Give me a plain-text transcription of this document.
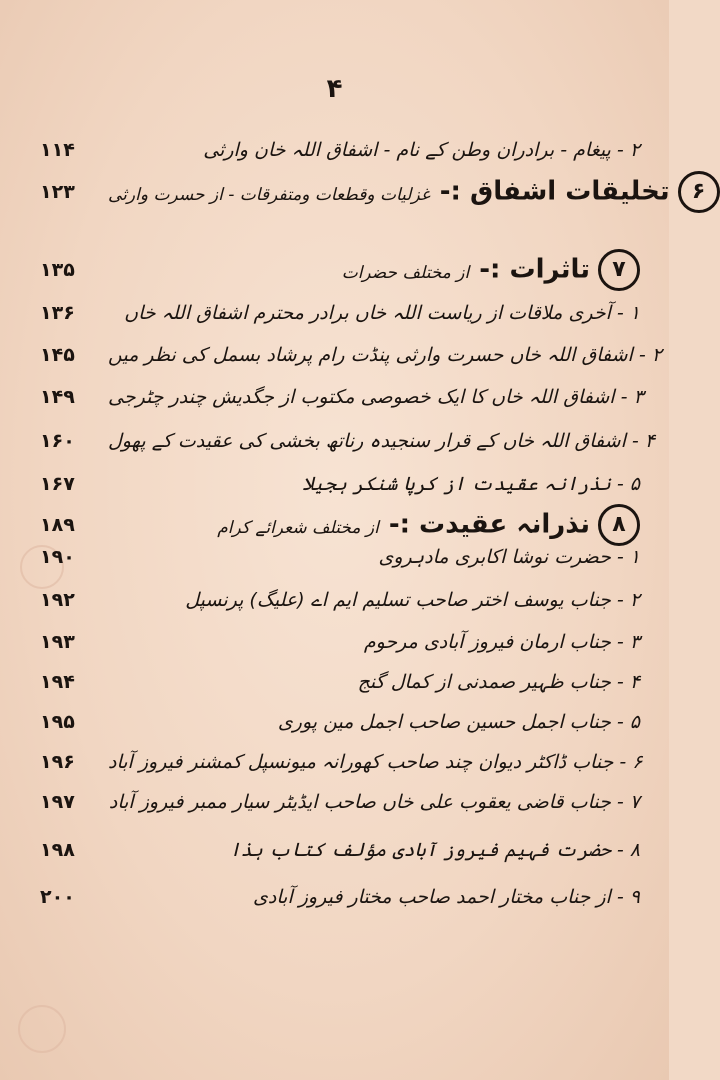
۴
۱۱۴	۲ - پیغام - برادران وطن کے نام - اشفاق اللہ خان وارثی
۱۲۳	۶تخلیقات اشفاق :-غزلیات وقطعات ومتفرقات - از حسرت وارثی
۱۳۵	۷تاثرات :-از مختلف حضرات
۱۳۶	۱ - آخری ملاقات از ریاست اللہ خاں برادر محترم اشفاق اللہ خاں
۱۴۵	۲ - اشفاق اللہ خاں حسرت وارثی پنڈت رام پرشاد بسمل کی نظر میں
۱۴۹	۳ - اشفاق اللہ خاں کا ایک خصوصی مکتوب از جگدیش چندر چٹرجی
۱۶۰	۴ - اشفاق اللہ خاں کے قرار سنجیدہ رناتھ بخشی کی عقیدت کے پھول
۱۶۷	۵ - نذرانہ عقیدت از کرپا شنکر ہجیلا
۱۸۹	۸نذرانہ عقیدت :-از مختلف شعرائے کرام
۱۹۰	۱ - حضرت نوشا اکابری مادہروی
۱۹۲	۲ - جناب یوسف اختر صاحب تسلیم ایم اے (علیگ) پرنسپل
۱۹۳	۳ - جناب ارمان فیروز آبادی مرحوم
۱۹۴	۴ - جناب ظہیر صمدنی از کمال گنج
۱۹۵	۵ - جناب اجمل حسین صاحب اجمل مین پوری
۱۹۶	۶ - جناب ڈاکٹر دیوان چند صاحب کھورانہ میونسپل کمشنر فیروز آباد
۱۹۷	۷ - جناب قاضی یعقوب علی خاں صاحب ایڈیٹر سیار ممبر فیروز آباد
۱۹۸	۸ - حضرت فہیم فیروز آبادی مؤلف کتاب ہذا
۲۰۰	۹ - از جناب مختار احمد صاحب مختار فیروز آبادی
